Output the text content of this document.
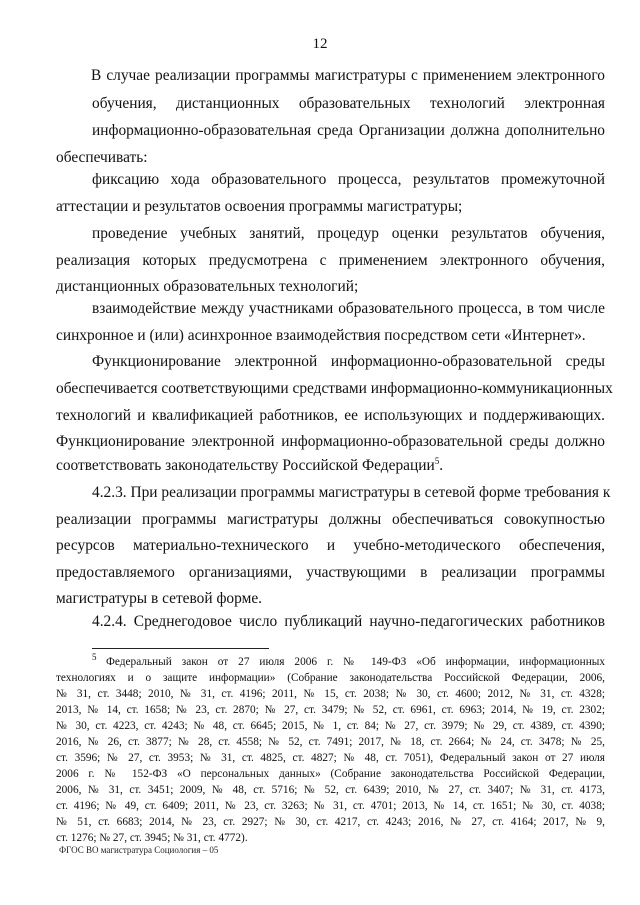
12
В случае реализации программы магистратуры с применением электронного
обучения, дистанционных образовательных технологий электронная
информационно-образовательная среда Организации должна дополнительно
обеспечивать:
фиксацию хода образовательного процесса, результатов промежуточной
аттестации и результатов освоения программы магистратуры;
проведение учебных занятий, процедур оценки результатов обучения,
реализация которых предусмотрена с применением электронного обучения,
дистанционных образовательных технологий;
взаимодействие между участниками образовательного процесса, в том числе
синхронное и (или) асинхронное взаимодействия посредством сети «Интернет».
Функционирование электронной информационно-образовательной среды
обеспечивается соответствующими средствами информационно-коммуникационных
технологий и квалификацией работников, ее использующих и поддерживающих.
Функционирование электронной информационно-образовательной среды должно
соответствовать законодательству Российской Федерации$^5$.
4.2.3. При реализации программы магистратуры в сетевой форме требования к
реализации программы магистратуры должны обеспечиваться совокупностью
ресурсов материально-технического и учебно-методического обеспечения,
предоставляемого организациями, участвующими в реализации программы
магистратуры в сетевой форме.
4.2.4. Среднегодовое число публикаций научно-педагогических работников
$^5$ Федеральный закон от 27 июля 2006 г. № 149-ФЗ «Об информации, информационных
технологиях и о защите информации» (Собрание законодательства Российской Федерации, 2006,
№ 31, ст. 3448; 2010, № 31, ст. 4196; 2011, № 15, ст. 2038; № 30, ст. 4600; 2012, № 31, ст. 4328;
2013, № 14, ст. 1658; № 23, ст. 2870; № 27, ст. 3479; № 52, ст. 6961, ст. 6963; 2014, № 19, ст. 2302;
№ 30, ст. 4223, ст. 4243; № 48, ст. 6645; 2015, № 1, ст. 84; № 27, ст. 3979; № 29, ст. 4389, ст. 4390;
2016, № 26, ст. 3877; № 28, ст. 4558; № 52, ст. 7491; 2017, № 18, ст. 2664; № 24, ст. 3478; № 25,
ст. 3596; № 27, ст. 3953; № 31, ст. 4825, ст. 4827; № 48, ст. 7051), Федеральный закон от 27 июля
2006 г. № 152-ФЗ «О персональных данных» (Собрание законодательства Российской Федерации,
2006, № 31, ст. 3451; 2009, № 48, ст. 5716; № 52, ст. 6439; 2010, № 27, ст. 3407; № 31, ст. 4173,
ст. 4196; № 49, ст. 6409; 2011, № 23, ст. 3263; № 31, ст. 4701; 2013, № 14, ст. 1651; № 30, ст. 4038;
№ 51, ст. 6683; 2014, № 23, ст. 2927; № 30, ст. 4217, ст. 4243; 2016, № 27, ст. 4164; 2017, № 9,
ст. 1276; № 27, ст. 3945; № 31, ст. 4772).
ФГОС ВО магистратура Социология – 05
